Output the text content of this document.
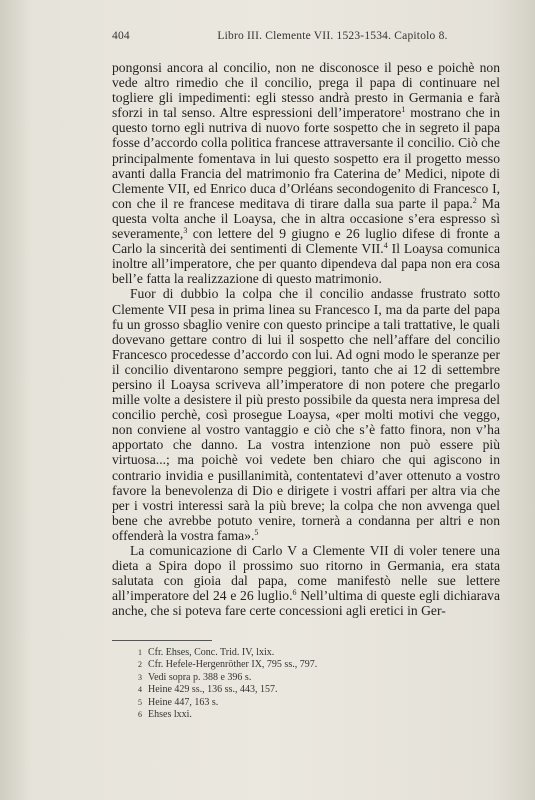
404	Libro III. Clemente VII. 1523-1534. Capitolo 8.

pongonsi ancora al concilio, non ne disconosce il peso e poichè non vede altro rimedio che il concilio, prega il papa di continuare nel togliere gli impedimenti: egli stesso andrà presto in Germania e farà sforzi in tal senso. Altre espressioni dell’imperatore$^1$ mostrano che in questo torno egli nutriva di nuovo forte sospetto che in segreto il papa fosse d’accordo colla politica francese attraversante il concilio. Ciò che principalmente fomentava in lui questo sospetto era il progetto messo avanti dalla Francia del matrimonio fra Caterina de’ Medici, nipote di Clemente VII, ed Enrico duca d’Orléans secondogenito di Francesco I, con che il re francese meditava di tirare dalla sua parte il papa.$^2$ Ma questa volta anche il Loaysa, che in altra occasione s’era espresso sì severamente,$^3$ con lettere del 9 giugno e 26 luglio difese di fronte a Carlo la sincerità dei sentimenti di Clemente VII.$^4$ Il Loaysa comunica inoltre all’imperatore, che per quanto dipendeva dal papa non era cosa bell’e fatta la realizzazione di questo matrimonio.

Fuor di dubbio la colpa che il concilio andasse frustrato sotto Clemente VII pesa in prima linea su Francesco I, ma da parte del papa fu un grosso sbaglio venire con questo principe a tali trattative, le quali dovevano gettare contro di lui il sospetto che nell’affare del concilio Francesco procedesse d’accordo con lui. Ad ogni modo le speranze per il concilio diventarono sempre peggiori, tanto che ai 12 di settembre persino il Loaysa scriveva all’imperatore di non potere che pregarlo mille volte a desistere il più presto possibile da questa nera impresa del concilio perchè, così prosegue Loaysa, «per molti motivi che veggo, non conviene al vostro vantaggio e ciò che s’è fatto finora, non v’ha apportato che danno. La vostra intenzione non può essere più virtuosa...; ma poichè voi vedete ben chiaro che qui agiscono in contrario invidia e pusillanimità, contentatevi d’aver ottenuto a vostro favore la benevolenza di Dio e dirigete i vostri affari per altra via che per i vostri interessi sarà la più breve; la colpa che non avvenga quel bene che avrebbe potuto venire, tornerà a condanna per altri e non offenderà la vostra fama».$^5$

La comunicazione di Carlo V a Clemente VII di voler tenere una dieta a Spira dopo il prossimo suo ritorno in Germania, era stata salutata con gioia dal papa, come manifestò nelle sue lettere all’imperatore del 24 e 26 luglio.$^6$ Nell’ultima di queste egli dichiarava anche, che si poteva fare certe concessioni agli eretici in Ger-

1 Cfr. Ehses, Conc. Trid. IV, lxix.
2 Cfr. Hefele-Hergenröther IX, 795 ss., 797.
3 Vedi sopra p. 388 e 396 s.
4 Heine 429 ss., 136 ss., 443, 157.
5 Heine 447, 163 s.
6 Ehses lxxi.
